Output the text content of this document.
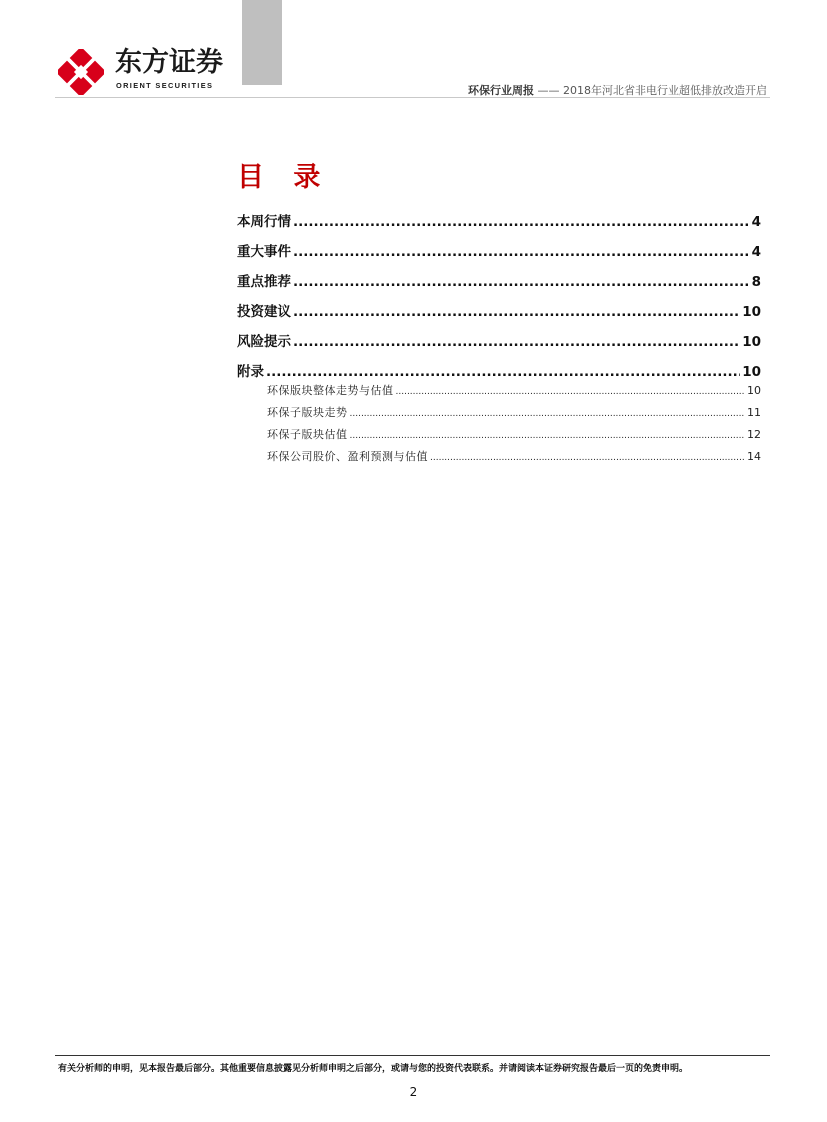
东方证券
ORIENT SECURITIES	环保行业周报 —— 2018年河北省非电行业超低排放改造开启
目 录
本周行情 .....	4
重大事件 .....	4
重点推荐 .....	8
投资建议 .....	10
风险提示 .....	10
附录 .....	10
环保版块整体走势与估值 .....	10
环保子版块走势 .....	11
环保子版块估值 .....	12
环保公司股价、盈利预测与估值 .....	14
有关分析师的申明，见本报告最后部分。其他重要信息披露见分析师申明之后部分，或请与您的投资代表联系。并请阅读本证券研究报告最后一页的免责申明。
2
